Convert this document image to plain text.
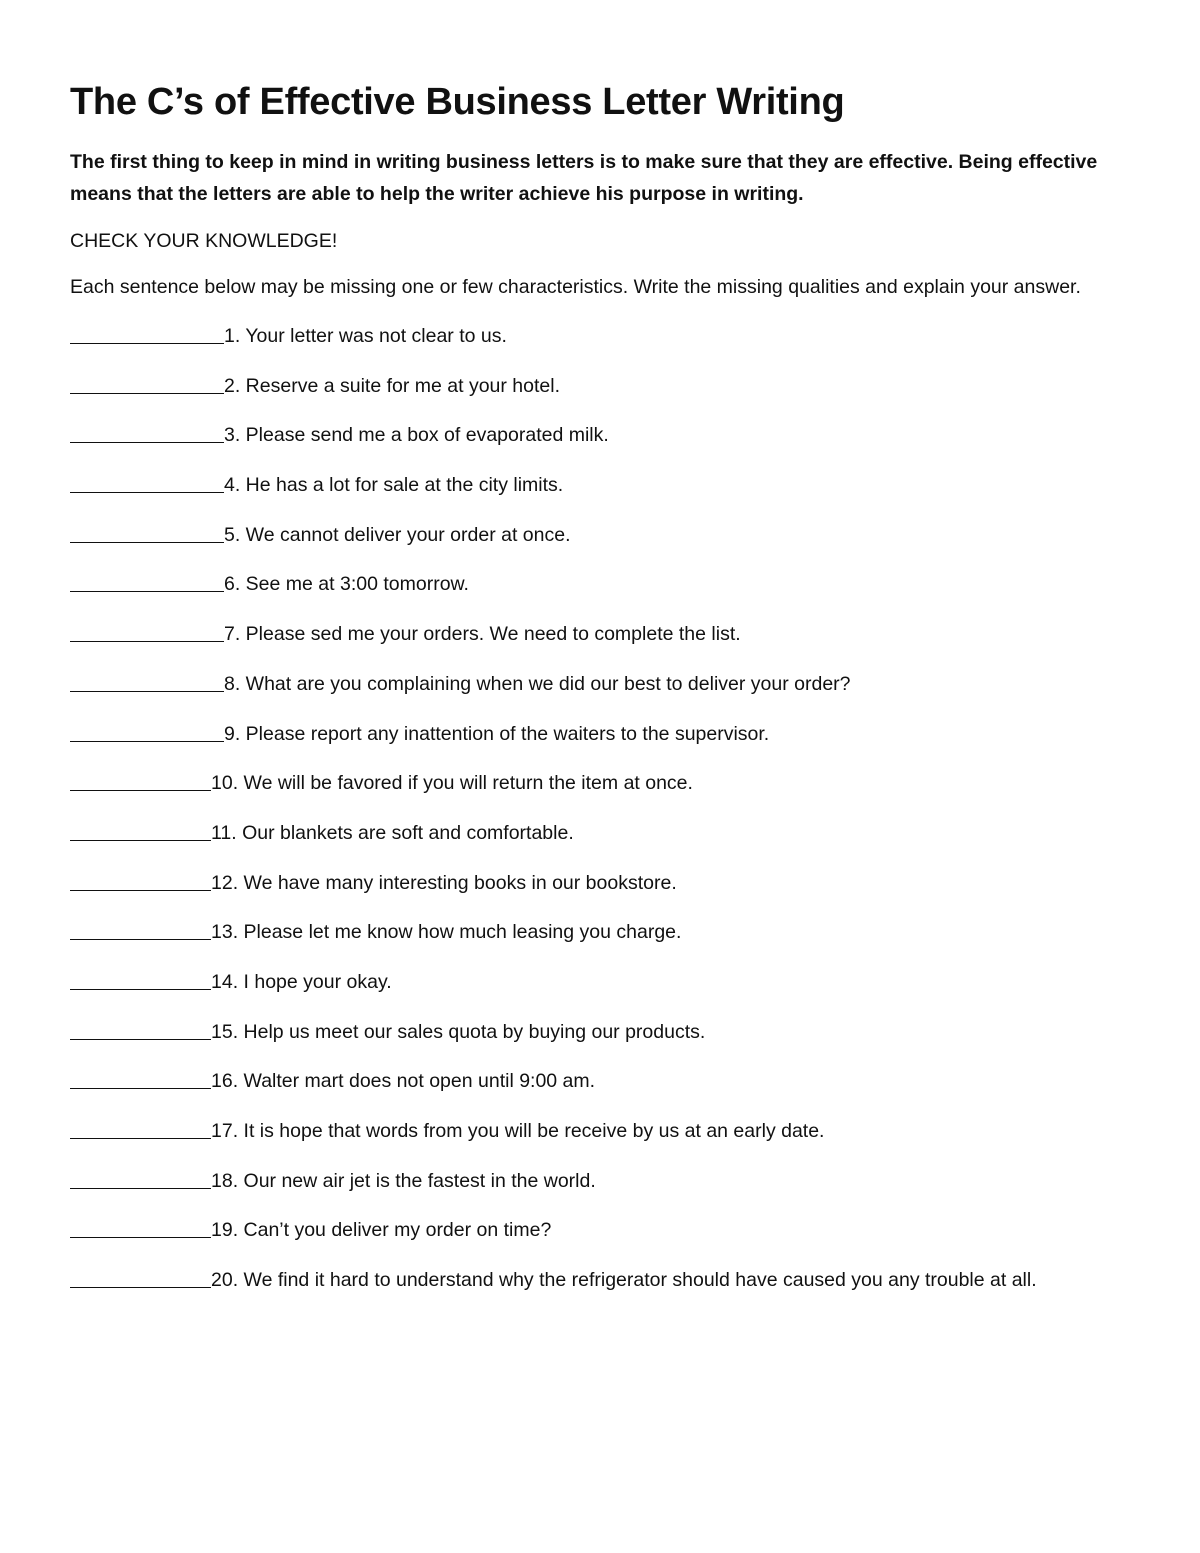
The C’s of Effective Business Letter Writing

The first thing to keep in mind in writing business letters is to make sure that they are effective. Being effective means that the letters are able to help the writer achieve his purpose in writing.

CHECK YOUR KNOWLEDGE!

Each sentence below may be missing one or few characteristics. Write the missing qualities and explain your answer.

1. Your letter was not clear to us.
2. Reserve a suite for me at your hotel.
3. Please send me a box of evaporated milk.
4. He has a lot for sale at the city limits.
5. We cannot deliver your order at once.
6. See me at 3:00 tomorrow.
7. Please sed me your orders. We need to complete the list.
8. What are you complaining when we did our best to deliver your order?
9. Please report any inattention of the waiters to the supervisor.
10. We will be favored if you will return the item at once.
11. Our blankets are soft and comfortable.
12. We have many interesting books in our bookstore.
13. Please let me know how much leasing you charge.
14. I hope your okay.
15. Help us meet our sales quota by buying our products.
16. Walter mart does not open until 9:00 am.
17. It is hope that words from you will be receive by us at an early date.
18. Our new air jet is the fastest in the world.
19. Can’t you deliver my order on time?
20. We find it hard to understand why the refrigerator should have caused you any trouble at all.
